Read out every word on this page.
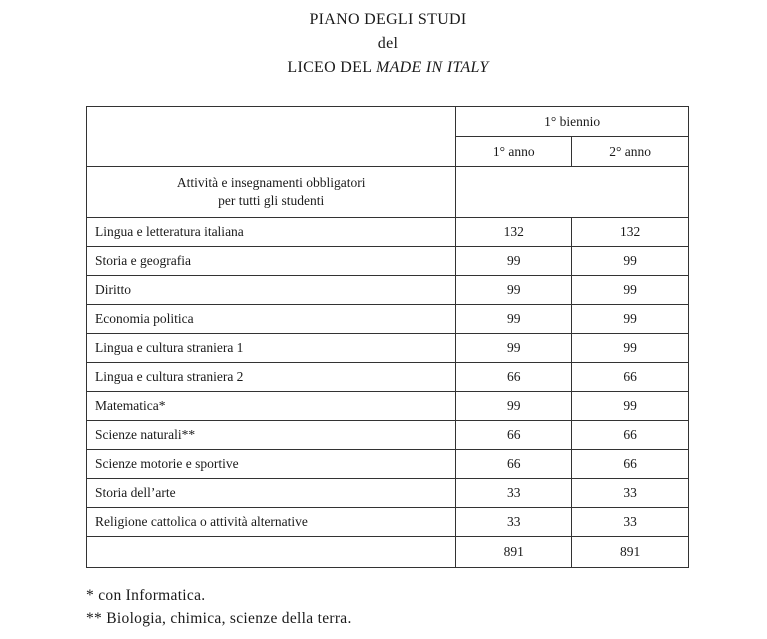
PIANO DEGLI STUDI
del
LICEO DEL MADE IN ITALY
	1° biennio	
	1° anno	2° anno
Attività e insegnamenti obbligatori
per tutti gli studenti		
Lingua e letteratura italiana	132	132
Storia e geografia	99	99
Diritto	99	99
Economia politica	99	99
Lingua e cultura straniera 1	99	99
Lingua e cultura straniera 2	66	66
Matematica*	99	99
Scienze naturali**	66	66
Scienze motorie e sportive	66	66
Storia dell’arte	33	33
Religione cattolica o attività alternative	33	33
	891	891
* con Informatica.
** Biologia, chimica, scienze della terra.
